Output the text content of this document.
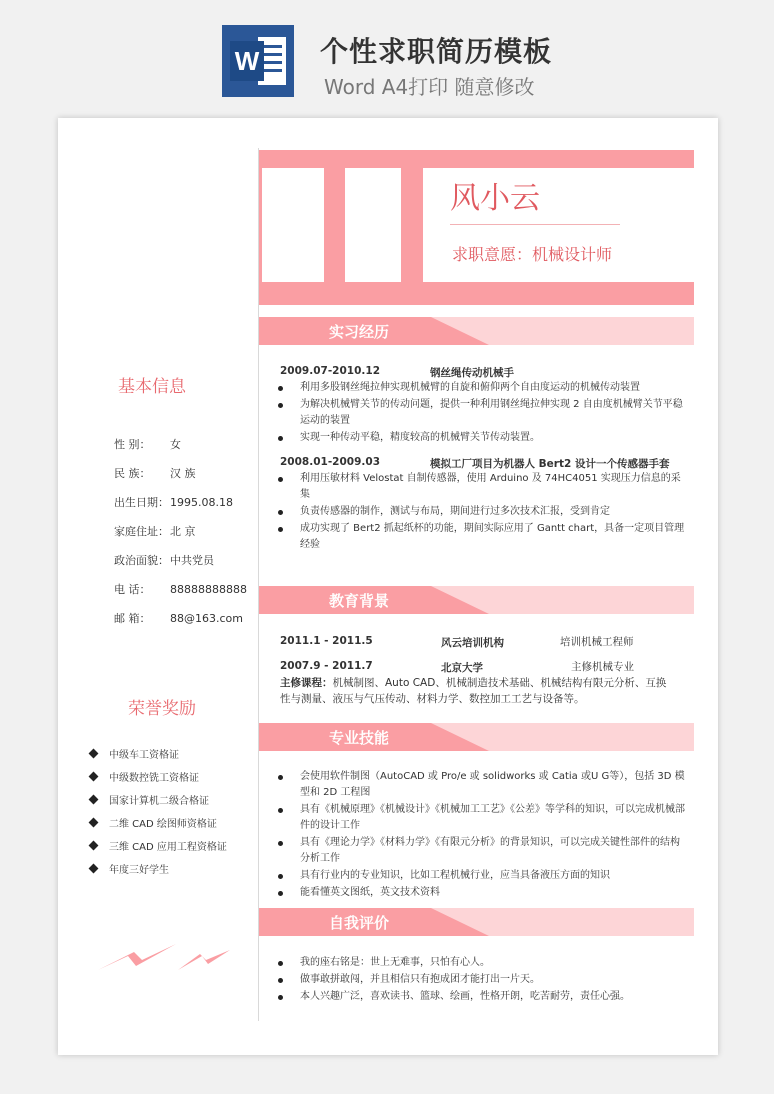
W 个性求职简历模板
Word A4打印 随意修改
基本信息
性 别： 女
民 族： 汉 族
出生日期：1995.08.18
家庭住址：北 京
政治面貌：中共党员
电 话： 88888888888
邮 箱： 88@163.com
荣誉奖励
中级车工资格证
中级数控铣工资格证
国家计算机二级合格证
二维 CAD 绘图师资格证
三维 CAD 应用工程资格证
年度三好学生
风小云
求职意愿：机械设计师
实习经历
2009.07-2010.12	钢丝绳传动机械手
利用多股钢丝绳拉伸实现机械臂的自旋和俯仰两个自由度运动的机械传动装置
为解决机械臂关节的传动问题，提供一种利用钢丝绳拉伸实现 2 自由度机械臂关节平稳运动的装置
实现一种传动平稳，精度较高的机械臂关节传动装置。
2008.01-2009.03	模拟工厂项目为机器人 Bert2 设计一个传感器手套
利用压敏材料 Velostat 自制传感器，使用 Arduino 及 74HC4051 实现压力信息的采集
负责传感器的制作，测试与布局，期间进行过多次技术汇报，受到肯定
成功实现了 Bert2 抓起纸杯的功能，期间实际应用了 Gantt chart，具备一定项目管理经验
教育背景
2011.1 - 2011.5	风云培训机构	培训机械工程师
2007.9 - 2011.7	北京大学	主修机械专业
主修课程：机械制图、Auto CAD、机械制造技术基础、机械结构有限元分析、互换性与测量、液压与气压传动、材料力学、数控加工工艺与设备等。
专业技能
会使用软件制图（AutoCAD 或 Pro/e 或 solidworks 或 Catia 或U G等），包括 3D 模型和 2D 工程图
具有《机械原理》《机械设计》《机械加工工艺》《公差》等学科的知识，可以完成机械部件的设计工作
具有《理论力学》《材料力学》《有限元分析》的背景知识，可以完成关键性部件的结构分析工作
具有行业内的专业知识，比如工程机械行业，应当具备液压方面的知识
能看懂英文图纸，英文技术资料
自我评价
我的座右铭是：世上无难事，只怕有心人。
做事敢拼敢闯，并且相信只有抱成团才能打出一片天。
本人兴趣广泛，喜欢读书、篮球、绘画，性格开朗，吃苦耐劳，责任心强。
